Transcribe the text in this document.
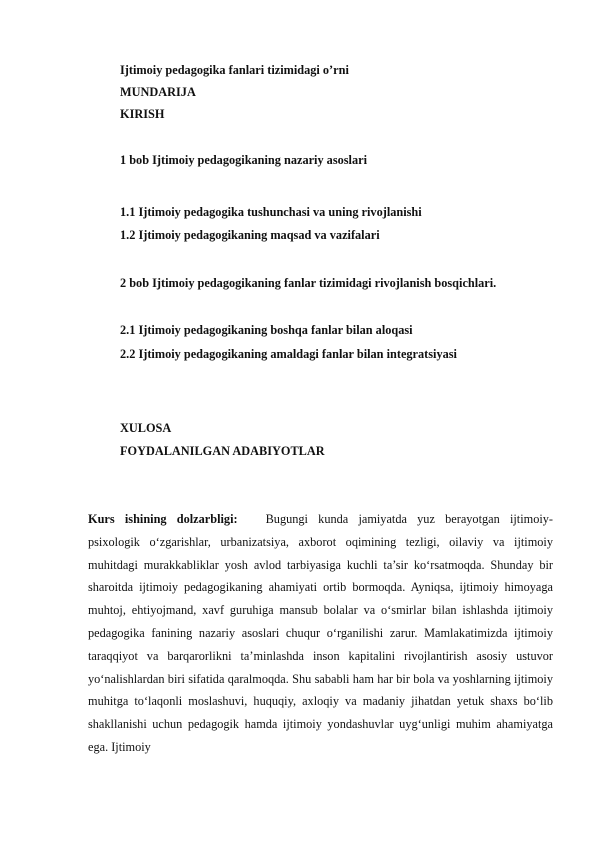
Ijtimoiy pedagogika fanlari tizimidagi o’rni
MUNDARIJA
KIRISH
1 bob Ijtimoiy pedagogikaning nazariy asoslari
1.1 Ijtimoiy pedagogika tushunchasi va uning rivojlanishi
1.2 Ijtimoiy pedagogikaning maqsad va vazifalari
2 bob Ijtimoiy pedagogikaning fanlar tizimidagi rivojlanish bosqichlari.
2.1 Ijtimoiy pedagogikaning boshqa fanlar bilan aloqasi
2.2 Ijtimoiy pedagogikaning amaldagi fanlar bilan integratsiyasi
XULOSA
FOYDALANILGAN ADABIYOTLAR

Kurs ishining dolzarbligi: Bugungi kunda jamiyatda yuz berayotgan ijtimoiy-psixologik o‘zgarishlar, urbanizatsiya, axborot oqimining tezligi, oilaviy va ijtimoiy muhitdagi murakkabliklar yosh avlod tarbiyasiga kuchli ta’sir ko‘rsatmoqda. Shunday bir sharoitda ijtimoiy pedagogikaning ahamiyati ortib bormoqda. Ayniqsa, ijtimoiy himoyaga muhtoj, ehtiyojmand, xavf guruhiga mansub bolalar va o‘smirlar bilan ishlashda ijtimoiy pedagogika fanining nazariy asoslari chuqur o‘rganilishi zarur. Mamlakatimizda ijtimoiy taraqqiyot va barqarorlikni ta’minlashda inson kapitalini rivojlantirish asosiy ustuvor yo‘nalishlardan biri sifatida qaralmoqda. Shu sababli ham har bir bola va yoshlarning ijtimoiy muhitga to‘laqonli moslashuvi, huquqiy, axloqiy va madaniy jihatdan yetuk shaxs bo‘lib shakllanishi uchun pedagogik hamda ijtimoiy yondashuvlar uyg‘unligi muhim ahamiyatga ega. Ijtimoiy
